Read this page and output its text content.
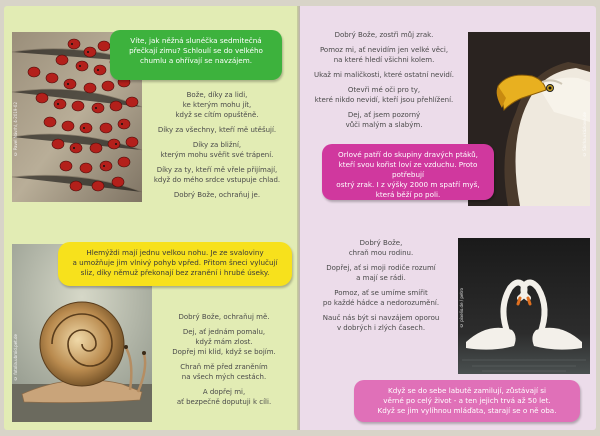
© Pavel Návrhl, 4-2019-02

Víte, jak něžná slunéčka sedmitečná

přečkají zimu? Schloulí se do velkého

chumlu a ohřívají se navzájem.

Bože, díky za lidi,
ke kterým mohu jít,
když se cítím opuštěně.
Díky za všechny, kteří mě utěšují.
Díky za bližní,
kterým mohu svěřit své trápení.
Díky za ty, kteří mě vřele přijímají,
když do mého srdce vstupuje chlad.
Dobrý Bože, ochraňuj je.
© fotolia.ubroid.pet.de

Hlemýždi mají jednu velkou nohu. Je ze svaloviny

a umožňuje jim vlnivý pohyb vpřed. Přitom šneci vylučují

sliz, díky němuž překonají bez zranění i hrubé úseky.

Dobrý Bože, ochraňuj mě.
Dej, ať jednám pomalu,
když mám zlost.
Dopřej mi klid, když se bojím.
Chraň mě před zraněním
na všech mých cestách.
A dopřej mi,
ať bezpečně doputuji k cíli.
Dobrý Bože, zostři můj zrak.
Pomoz mi, ať nevidím jen velké věci,
na které hledí všichni kolem.
Ukaž mi maličkosti, které ostatní nevidí.
Otevři mé oči pro ty,
které nikdo nevidí, kteří jsou přehlížení.
Dej, ať jsem pozorný
vůči malým a slabým.	© Sbírka.ukázkové.de

Orlové patří do skupiny dravých ptáků,

kteří svou kořist loví ze vzduchu. Proto potřebují

ostrý zrak. I z výšky 2000 m spatří myš,

která běží po poli.

Dobrý Bože,
chraň mou rodinu.
Dopřej, ať si moji rodiče rozumí
a mají se rádi.
Pomoz, ať se umíme smířit
po každé hádce a nedorozumění.
Nauč nás být si navzájem oporou
v dobrých i zlých časech.
© pixelio.de / petro

Když se do sebe labutě zamilují, zůstávají si

věrné po celý život - a ten jejich trvá až 50 let.

Když se jim vylíhnou mláďata, starají se o ně oba.
